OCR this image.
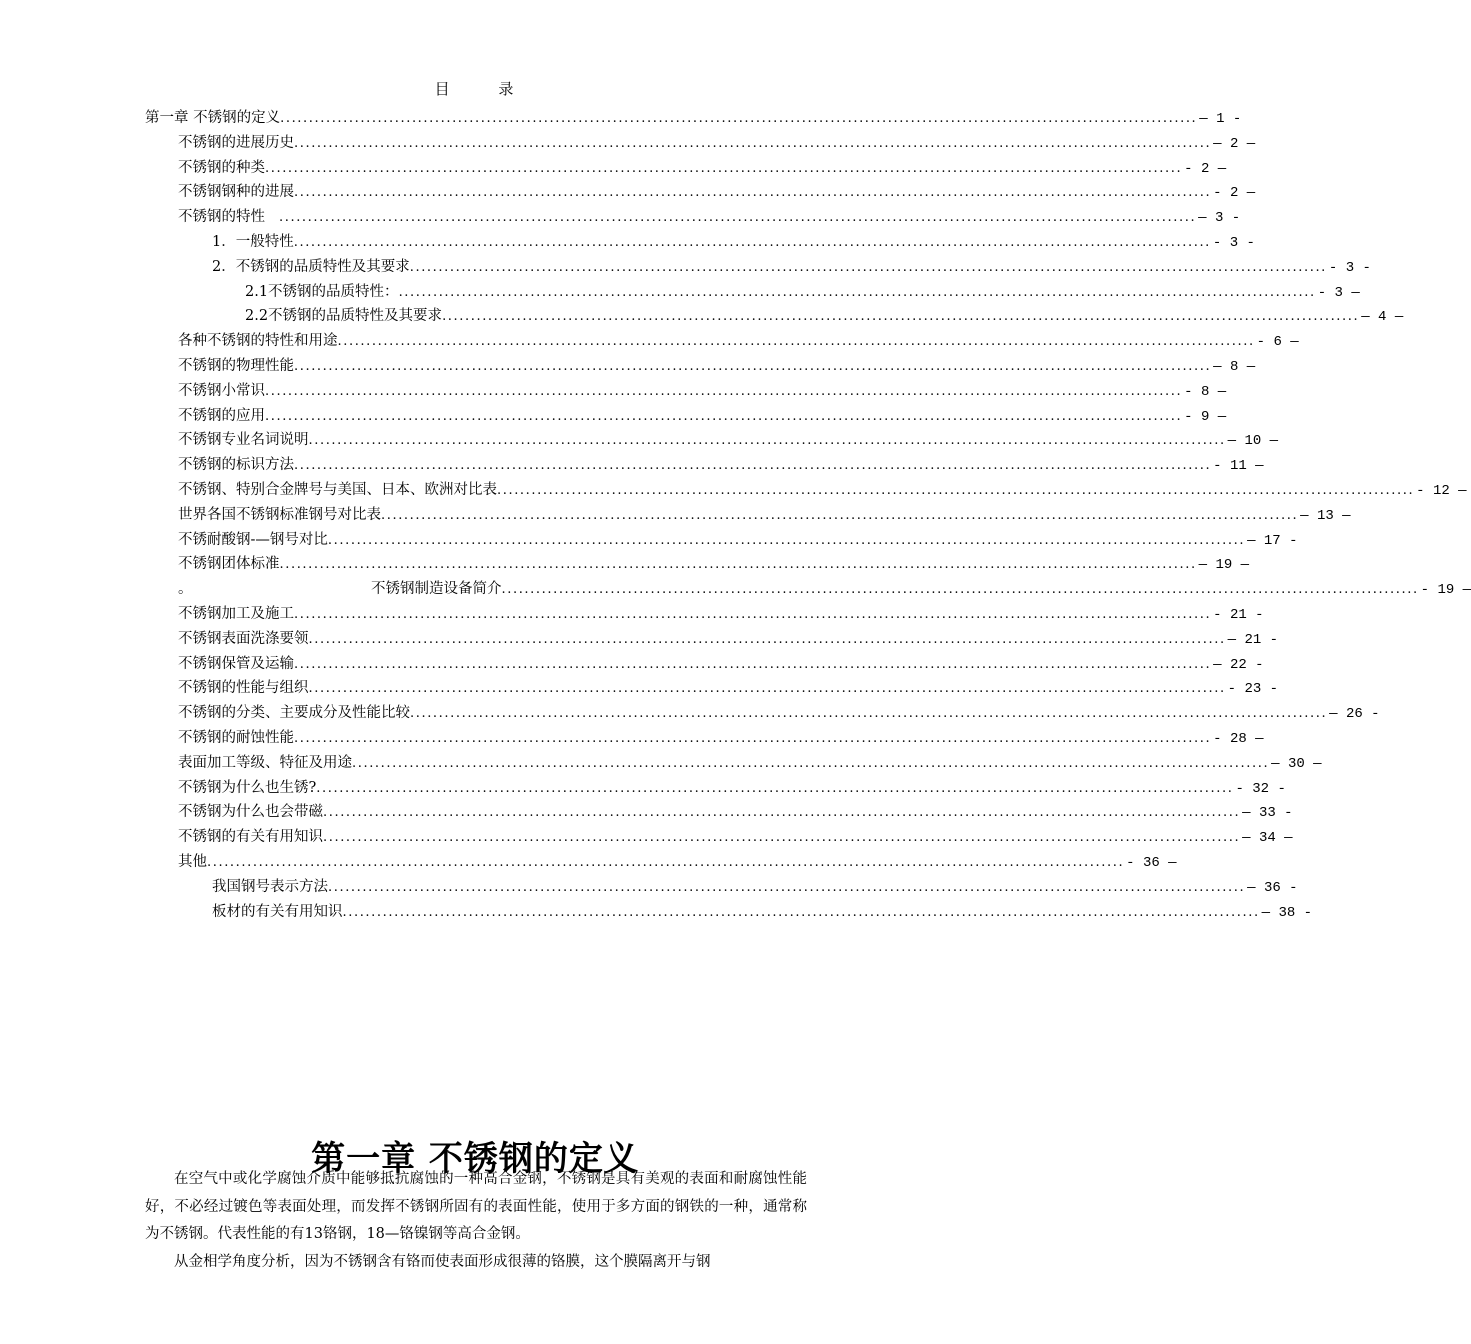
目 录
第一章 不锈钢的定义 ................................................................................................................................................................ — 1 -
不锈钢的进展历史 ................................................................................................................................................................ — 2 —
不锈钢的种类 ................................................................................................................................................................ - 2 —
不锈钢钢种的进展 ................................................................................................................................................................ - 2 —
不锈钢的特性	................................................................................................................................................................ — 3 -
1．一般特性 ................................................................................................................................................................ - 3 -
2．不锈钢的品质特性及其要求 ................................................................................................................................................................ - 3 -
2.1不锈钢的品质特性： ................................................................................................................................................................ - 3 —
2.2不锈钢的品质特性及其要求 ................................................................................................................................................................ — 4 —
各种不锈钢的特性和用途 ................................................................................................................................................................ - 6 —
不锈钢的物理性能 ................................................................................................................................................................ — 8 —
不锈钢小常识 ................................................................................................................................................................ - 8 —
不锈钢的应用 ................................................................................................................................................................ - 9 —
不锈钢专业名词说明 ................................................................................................................................................................ — 10 —
不锈钢的标识方法 ................................................................................................................................................................ - 11 —
不锈钢、特别合金牌号与美国、日本、欧洲对比表 ................................................................................................................................................................ - 12 —
世界各国不锈钢标准钢号对比表 ................................................................................................................................................................ — 13 —
不锈耐酸钢-—钢号对比 ................................................................................................................................................................ — 17 -
不锈钢团体标准 ................................................................................................................................................................ — 19 —
。	不锈钢制造设备简介 ................................................................................................................................................................ - 19 —
不锈钢加工及施工 ................................................................................................................................................................ - 21 -
不锈钢表面洗涤要领 ................................................................................................................................................................ — 21 -
不锈钢保管及运输 ................................................................................................................................................................ — 22 -
不锈钢的性能与组织 ................................................................................................................................................................ - 23 -
不锈钢的分类、主要成分及性能比较 ................................................................................................................................................................ — 26 -
不锈钢的耐蚀性能 ................................................................................................................................................................ - 28 —
表面加工等级、特征及用途 ................................................................................................................................................................ — 30 —
不锈钢为什么也生锈? ................................................................................................................................................................ - 32 -
不锈钢为什么也会带磁 ................................................................................................................................................................ — 33 -
不锈钢的有关有用知识 ................................................................................................................................................................ — 34 —
其他 ................................................................................................................................................................ - 36 —
我国钢号表示方法 ................................................................................................................................................................ — 36 -
板材的有关有用知识 ................................................................................................................................................................ — 38 -
第一章 不锈钢的定义

在空气中或化学腐蚀介质中能够抵抗腐蚀的一种高合金钢，不锈钢是具有美观的表面和耐腐蚀性能好，不必经过镀色等表面处理，而发挥不锈钢所固有的表面性能，使用于多方面的钢铁的一种，通常称为不锈钢。代表性能的有13铬钢，18—铬镍钢等高合金钢。

从金相学角度分析，因为不锈钢含有铬而使表面形成很薄的铬膜，这个膜隔离开与钢
